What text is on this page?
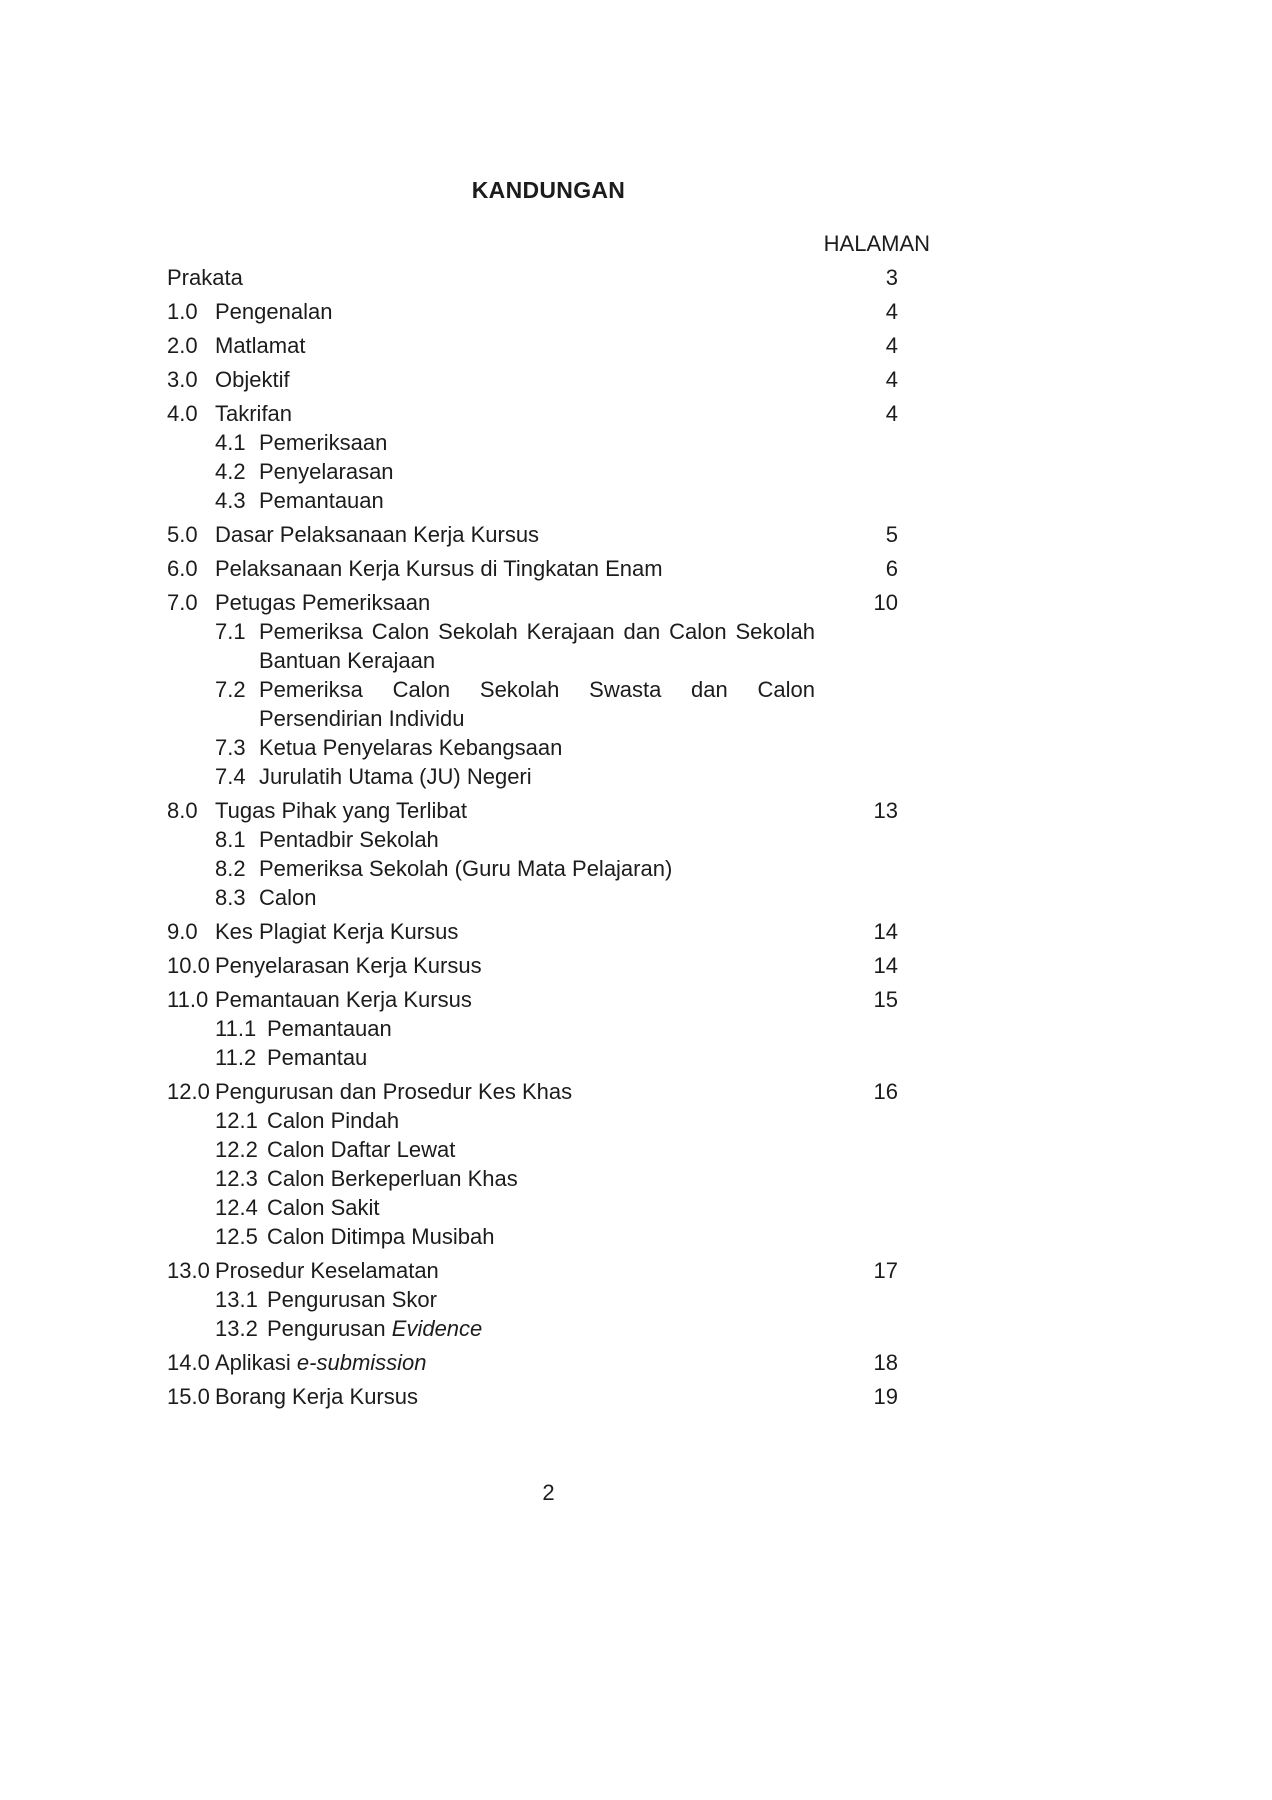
KANDUNGAN
HALAMAN
Prakata	3
1.0 Pengenalan	4
2.0 Matlamat	4
3.0 Objektif	4
4.0 Takrifan	4
4.1 Pemeriksaan
4.2 Penyelarasan
4.3 Pemantauan
5.0 Dasar Pelaksanaan Kerja Kursus	5
6.0 Pelaksanaan Kerja Kursus di Tingkatan Enam	6
7.0 Petugas Pemeriksaan	10
7.1 Pemeriksa Calon Sekolah Kerajaan dan Calon Sekolah Bantuan Kerajaan
7.2 Pemeriksa Calon Sekolah Swasta dan Calon Persendirian Individu
7.3 Ketua Penyelaras Kebangsaan
7.4 Jurulatih Utama (JU) Negeri
8.0 Tugas Pihak yang Terlibat	13
8.1 Pentadbir Sekolah
8.2 Pemeriksa Sekolah (Guru Mata Pelajaran)
8.3 Calon
9.0 Kes Plagiat Kerja Kursus	14
10.0 Penyelarasan Kerja Kursus	14
11.0 Pemantauan Kerja Kursus	15
11.1 Pemantauan
11.2 Pemantau
12.0 Pengurusan dan Prosedur Kes Khas	16
12.1 Calon Pindah
12.2 Calon Daftar Lewat
12.3 Calon Berkeperluan Khas
12.4 Calon Sakit
12.5 Calon Ditimpa Musibah
13.0 Prosedur Keselamatan	17
13.1 Pengurusan Skor
13.2 Pengurusan Evidence
14.0 Aplikasi e-submission	18
15.0 Borang Kerja Kursus	19
2
